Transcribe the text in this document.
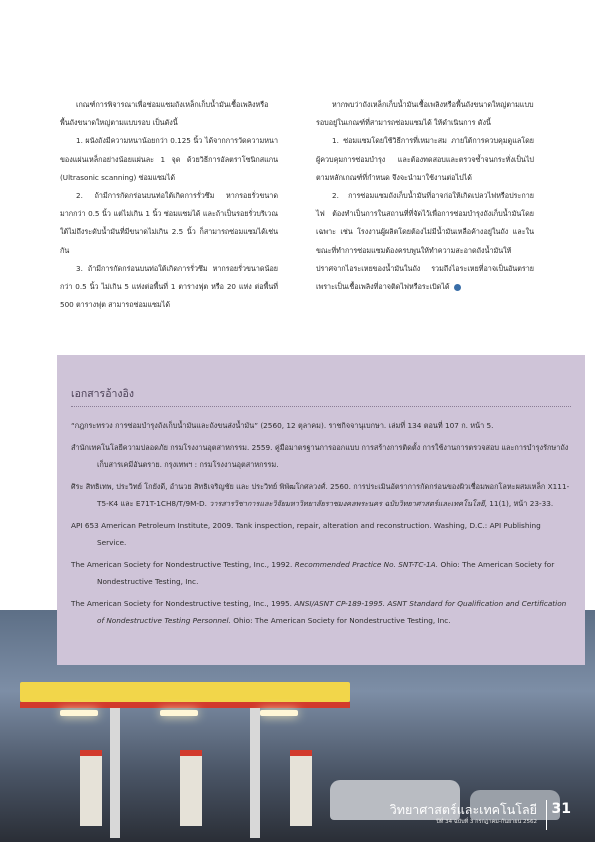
เกณฑ์การพิจารณาเพื่อซ่อมแซมถังเหล็กเก็บน้ำมันเชื้อเพลิงหรือพื้นถังขนาดใหญ่ตามแบบรอบ เป็นดังนี้

1. ผนังถังมีความหนาน้อยกว่า 0.125 นิ้ว ได้จากการวัดความหนาของแผ่นเหล็กอย่างน้อยแผ่นละ 1 จุด ด้วยวิธีการอัลตราโซนิกสแกน (Ultrasonic scanning) ซ่อมแซมได้

2. ถ้ามีการกัดกร่อนบนท่อใต้เกิดการรั่วซึม หากรอยรั่วขนาดมากกว่า 0.5 นิ้ว แต่ไม่เกิน 1 นิ้ว ซ่อมแซมได้ และถ้าเป็นรอยรั่วบริเวณใต้ไม่ถึงระดับน้ำมันที่มีขนาดไม่เกิน 2.5 นิ้ว ก็สามารถซ่อมแซมได้เช่นกัน

3. ถ้ามีการกัดกร่อนบนท่อใต้เกิดการรั่วซึม หากรอยรั่วขนาดน้อยกว่า 0.5 นิ้ว ไม่เกิน 5 แห่งต่อพื้นที่ 1 ตารางฟุต หรือ 20 แห่ง ต่อพื้นที่ 500 ตารางฟุต สามารถซ่อมแซมได้

หากพบว่าถังเหล็กเก็บน้ำมันเชื้อเพลิงหรือพื้นถังขนาดใหญ่ตามแบบรอบอยู่ในเกณฑ์ที่สามารถซ่อมแซมได้ ให้ดำเนินการ ดังนี้

1. ซ่อมแซมโดยใช้วิธีการที่เหมาะสม ภายใต้การควบคุมดูแลโดยผู้ควบคุมการซ่อมบำรุง และต้องทดสอบและตรวจซ้ำจนกระทั่งเป็นไปตามหลักเกณฑ์ที่กำหนด จึงจะนำมาใช้งานต่อไปได้

2. การซ่อมแซมถังเก็บน้ำมันที่อาจก่อให้เกิดเปลวไฟหรือประกายไฟ ต้องทำเป็นการในสถานที่ที่จัดไว้เพื่อการซ่อมบำรุงถังเก็บน้ำมันโดยเฉพาะ เช่น โรงงานผู้ผลิตโดยต้องไม่มีน้ำมันเหลือค้างอยู่ในถัง และในขณะที่ทำการซ่อมแซมต้องครบพูนให้ทำความสะอาดถังน้ำมันให้ปราศจากไอระเหยของน้ำมันในถัง รวมถึงไอระเหยที่อาจเป็นอันตรายเพราะเป็นเชื้อเพลิงที่อาจติดไฟหรือระเบิดได้

เอกสารอ้างอิง

“กฎกระทรวง การซ่อมบำรุงถังเก็บน้ำมันและถังขนส่งน้ำมัน” (2560, 12 ตุลาคม). ราชกิจจานุเบกษา. เล่มที่ 134 ตอนที่ 107 ก. หน้า 5.

สำนักเทคโนโลยีความปลอดภัย กรมโรงงานอุตสาหกรรม. 2559. คู่มือมาตรฐานการออกแบบ การสร้างการติดตั้ง การใช้งานการตรวจสอบ และการบำรุงรักษาถังเก็บสารเคมีอันตราย. กรุงเทพฯ : กรมโรงงานอุตสาหกรรม.

ศิระ สิทธิเทพ, ประวิทย์ โกยังดี, อำนวย สิทธิเจริญชัย และ ประวิทย์ พิพัฒโกศลวงศ์. 2560. การประเมินอัตราการกัดกร่อนของผิวเชื่อมพอกโลหะผสมเหล็ก X111-T5-K4 และ E71T-1CH8/T/9M-D. วารสารวิชาการและวิจัยมหาวิทยาลัยราชมงคลพระนคร ฉบับวิทยาศาสตร์และเทคโนโลยี, 11(1), หน้า 23-33.

API 653 American Petroleum Institute, 2009. Tank inspection, repair, alteration and reconstruction. Washing, D.C.: API Publishing Service.

The American Society for Nondestructive Testing, Inc., 1992. Recommended Practice No. SNT-TC-1A. Ohio: The American Society for Nondestructive Testing, Inc.

The American Society for Nondestructive testing, Inc., 1995. ANSI/ASNT CP-189-1995. ASNT Standard for Qualification and Certification of Nondestructive Testing Personnel. Ohio: The American Society for Nondestructive Testing, Inc.

วิทยาศาสตร์และเทคโนโลยี
ปีที่ 34 ฉบับที่ 3 กรกฎาคม-กันยายน 2562
31
